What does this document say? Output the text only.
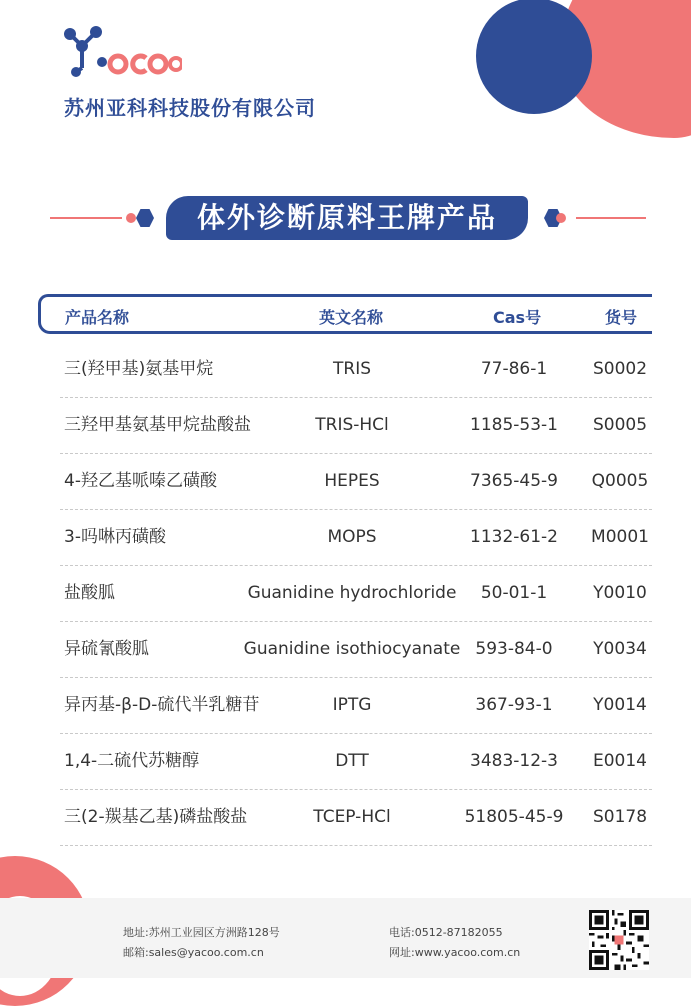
苏州亚科科技股份有限公司
体外诊断原料王牌产品
产品名称	英文名称	Cas号	货号
三(羟甲基)氨基甲烷	TRIS	77-86-1	S0002
三羟甲基氨基甲烷盐酸盐	TRIS-HCl	1185-53-1 S0005
4-羟乙基哌嗪乙磺酸	HEPES	7365-45-9 Q0005
3-吗啉丙磺酸	MOPS	1132-61-2 M0001
盐酸胍	Guanidine hydrochloride 50-01-1	Y0010
异硫氰酸胍	Guanidine isothiocyanate 593-84-0 Y0034
异丙基-β-D-硫代半乳糖苷	IPTG	367-93-1 Y0014
1,4-二硫代苏糖醇	DTT	3483-12-3 E0014
三(2-羰基乙基)磷盐酸盐	TCEP-HCl	51805-45-9 S0178
地址:苏州工业园区方洲路128号
邮箱:sales@yacoo.com.cn
电话:0512-87182055
网址:www.yacoo.com.cn
